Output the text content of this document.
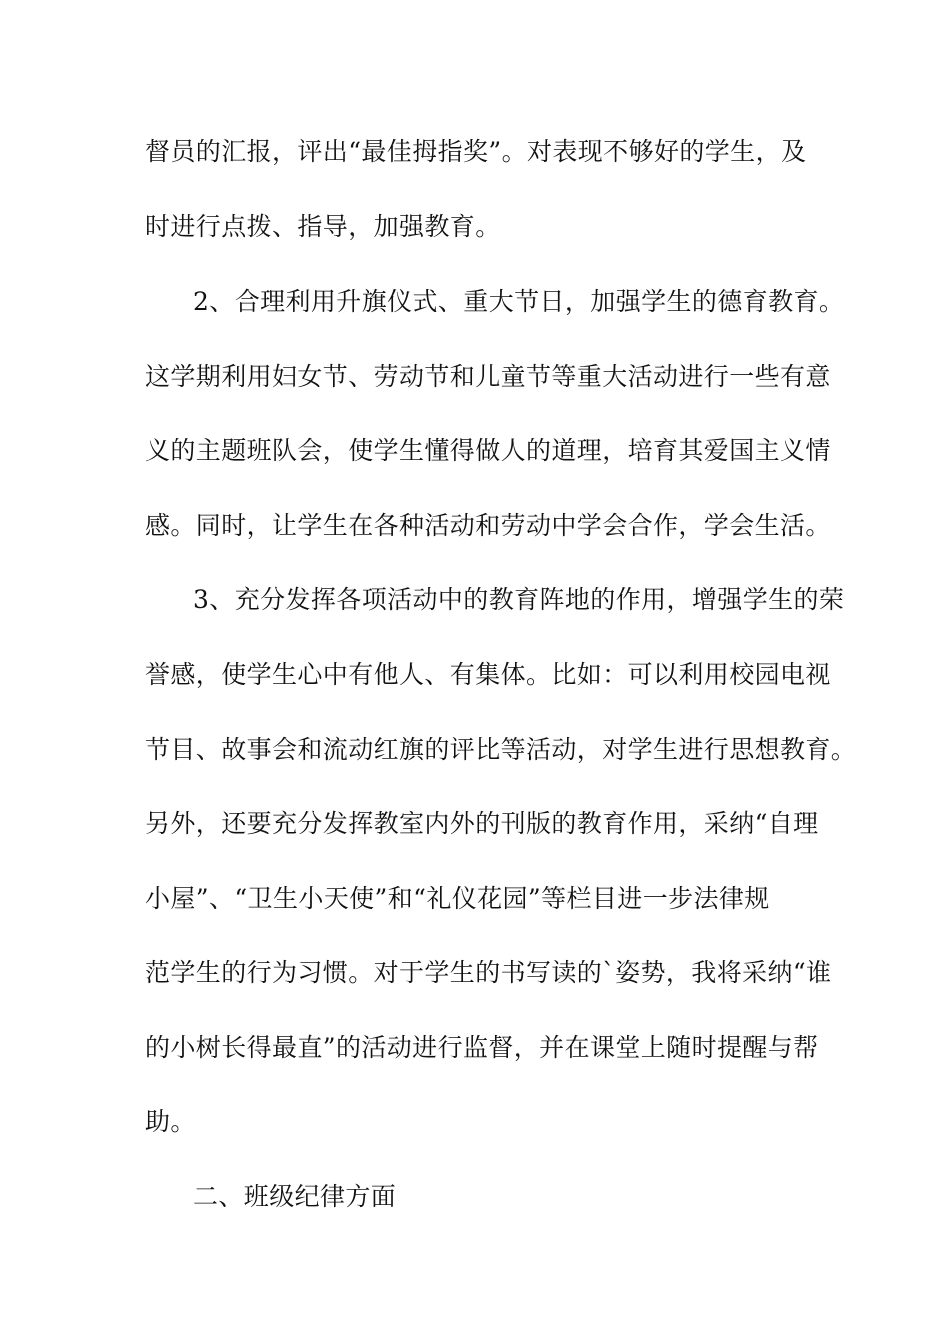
督员的汇报，评出“最佳拇指奖”。对表现不够好的学生，及
时进行点拨、指导，加强教育。
2、合理利用升旗仪式、重大节日，加强学生的德育教育。
这学期利用妇女节、劳动节和儿童节等重大活动进行一些有意
义的主题班队会，使学生懂得做人的道理，培育其爱国主义情
感。同时，让学生在各种活动和劳动中学会合作，学会生活。
3、充分发挥各项活动中的教育阵地的作用，增强学生的荣
誉感，使学生心中有他人、有集体。比如：可以利用校园电视
节目、故事会和流动红旗的评比等活动，对学生进行思想教育。
另外，还要充分发挥教室内外的刊版的教育作用，采纳“自理
小屋”、“卫生小天使”和“礼仪花园”等栏目进一步法律规
范学生的行为习惯。对于学生的书写读的`姿势，我将采纳“谁
的小树长得最直”的活动进行监督，并在课堂上随时提醒与帮
助。
二、班级纪律方面
